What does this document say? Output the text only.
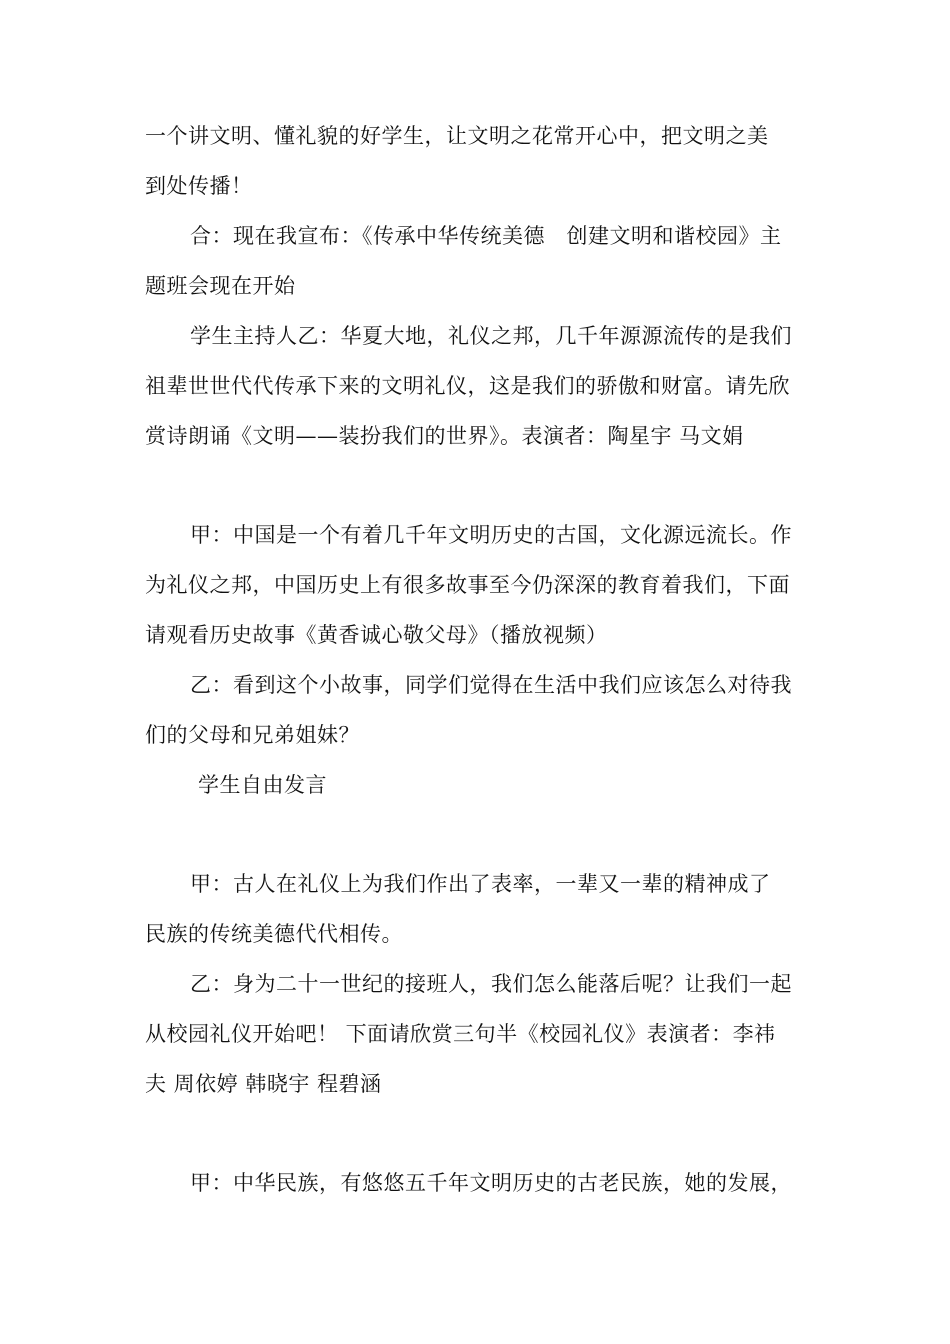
一个讲文明、懂礼貌的好学生，让文明之花常开心中，把文明之美
到处传播！
合：现在我宣布：《传承中华传统美德　创建文明和谐校园》主
题班会现在开始
学生主持人乙：华夏大地，礼仪之邦，几千年源源流传的是我们
祖辈世世代代传承下来的文明礼仪，这是我们的骄傲和财富。请先欣
赏诗朗诵《文明——装扮我们的世界》。表演者：陶星宇 马文娟
甲：中国是一个有着几千年文明历史的古国，文化源远流长。作
为礼仪之邦，中国历史上有很多故事至今仍深深的教育着我们，下面
请观看历史故事《黄香诚心敬父母》（播放视频）
乙：看到这个小故事，同学们觉得在生活中我们应该怎么对待我
们的父母和兄弟姐妹？
学生自由发言
甲：古人在礼仪上为我们作出了表率，一辈又一辈的精神成了
民族的传统美德代代相传。
乙：身为二十一世纪的接班人，我们怎么能落后呢？让我们一起
从校园礼仪开始吧！ 下面请欣赏三句半《校园礼仪》表演者：李祎
夫 周依婷 韩晓宇 程碧涵
甲：中华民族，有悠悠五千年文明历史的古老民族，她的发展，
